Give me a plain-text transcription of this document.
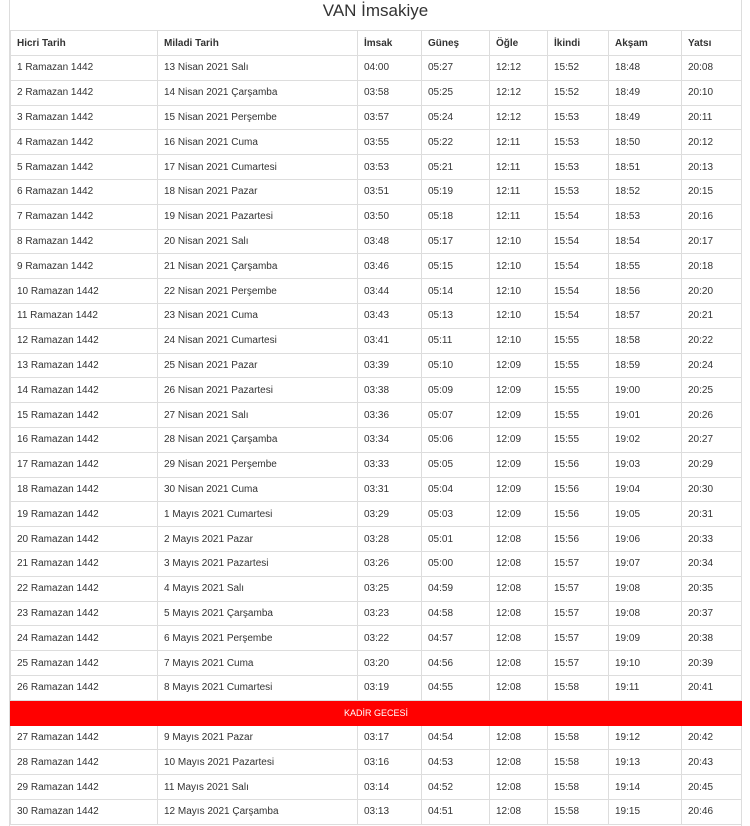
VAN İmsakiye
Hicri Tarih	Miladi Tarih	İmsak	Güneş	Öğle	İkindi	Akşam	Yatsı
1 Ramazan 1442	13 Nisan 2021 Salı	04:00	05:27	12:12	15:52	18:48	20:08
2 Ramazan 1442	14 Nisan 2021 Çarşamba	03:58	05:25	12:12	15:52	18:49	20:10
3 Ramazan 1442	15 Nisan 2021 Perşembe	03:57	05:24	12:12	15:53	18:49	20:11
4 Ramazan 1442	16 Nisan 2021 Cuma	03:55	05:22	12:11	15:53	18:50	20:12
5 Ramazan 1442	17 Nisan 2021 Cumartesi	03:53	05:21	12:11	15:53	18:51	20:13
6 Ramazan 1442	18 Nisan 2021 Pazar	03:51	05:19	12:11	15:53	18:52	20:15
7 Ramazan 1442	19 Nisan 2021 Pazartesi	03:50	05:18	12:11	15:54	18:53	20:16
8 Ramazan 1442	20 Nisan 2021 Salı	03:48	05:17	12:10	15:54	18:54	20:17
9 Ramazan 1442	21 Nisan 2021 Çarşamba	03:46	05:15	12:10	15:54	18:55	20:18
10 Ramazan 1442	22 Nisan 2021 Perşembe	03:44	05:14	12:10	15:54	18:56	20:20
11 Ramazan 1442	23 Nisan 2021 Cuma	03:43	05:13	12:10	15:54	18:57	20:21
12 Ramazan 1442	24 Nisan 2021 Cumartesi	03:41	05:11	12:10	15:55	18:58	20:22
13 Ramazan 1442	25 Nisan 2021 Pazar	03:39	05:10	12:09	15:55	18:59	20:24
14 Ramazan 1442	26 Nisan 2021 Pazartesi	03:38	05:09	12:09	15:55	19:00	20:25
15 Ramazan 1442	27 Nisan 2021 Salı	03:36	05:07	12:09	15:55	19:01	20:26
16 Ramazan 1442	28 Nisan 2021 Çarşamba	03:34	05:06	12:09	15:55	19:02	20:27
17 Ramazan 1442	29 Nisan 2021 Perşembe	03:33	05:05	12:09	15:56	19:03	20:29
18 Ramazan 1442	30 Nisan 2021 Cuma	03:31	05:04	12:09	15:56	19:04	20:30
19 Ramazan 1442	1 Mayıs 2021 Cumartesi	03:29	05:03	12:09	15:56	19:05	20:31
20 Ramazan 1442	2 Mayıs 2021 Pazar	03:28	05:01	12:08	15:56	19:06	20:33
21 Ramazan 1442	3 Mayıs 2021 Pazartesi	03:26	05:00	12:08	15:57	19:07	20:34
22 Ramazan 1442	4 Mayıs 2021 Salı	03:25	04:59	12:08	15:57	19:08	20:35
23 Ramazan 1442	5 Mayıs 2021 Çarşamba	03:23	04:58	12:08	15:57	19:08	20:37
24 Ramazan 1442	6 Mayıs 2021 Perşembe	03:22	04:57	12:08	15:57	19:09	20:38
25 Ramazan 1442	7 Mayıs 2021 Cuma	03:20	04:56	12:08	15:57	19:10	20:39
26 Ramazan 1442	8 Mayıs 2021 Cumartesi	03:19	04:55	12:08	15:58	19:11	20:41
KADİR GECESİ							
27 Ramazan 1442	9 Mayıs 2021 Pazar	03:17	04:54	12:08	15:58	19:12	20:42
28 Ramazan 1442	10 Mayıs 2021 Pazartesi	03:16	04:53	12:08	15:58	19:13	20:43
29 Ramazan 1442	11 Mayıs 2021 Salı	03:14	04:52	12:08	15:58	19:14	20:45
30 Ramazan 1442	12 Mayıs 2021 Çarşamba	03:13	04:51	12:08	15:58	19:15	20:46
